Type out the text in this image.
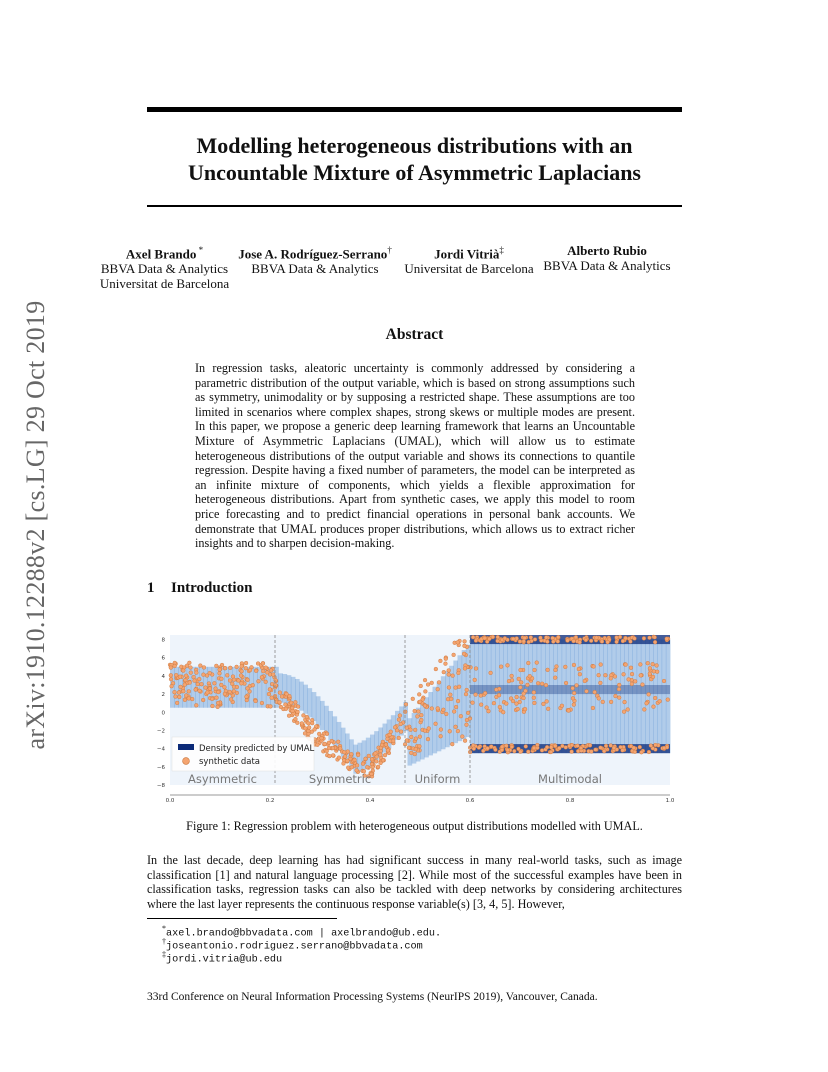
arXiv:1910.12288v2 [cs.LG] 29 Oct 2019
Modelling heterogeneous distributions with an
Uncountable Mixture of Asymmetric Laplacians
Axel Brando *
BBVA Data & Analytics
Universitat de Barcelona
Jose A. Rodríguez-Serrano†
BBVA Data & Analytics
Jordi Vitrià‡
Universitat de Barcelona
Alberto Rubio
BBVA Data & Analytics
Abstract
In regression tasks, aleatoric uncertainty is commonly addressed by considering a parametric distribution of the output variable, which is based on strong assumptions such as symmetry, unimodality or by supposing a restricted shape. These assumptions are too limited in scenarios where complex shapes, strong skews or multiple modes are present. In this paper, we propose a generic deep learning framework that learns an Uncountable Mixture of Asymmetric Laplacians (UMAL), which will allow us to estimate heterogeneous distributions of the output variable and shows its connections to quantile regression. Despite having a fixed number of parameters, the model can be interpreted as an infinite mixture of components, which yields a flexible approximation for heterogeneous distributions. Apart from synthetic cases, we apply this model to room price forecasting and to predict financial operations in personal bank accounts. We demonstrate that UMAL produces proper distributions, which allows us to extract richer insights and to sharpen decision-making.
1 Introduction
Asymmetric	Symmetric	Uniform	Multimodal
8
6
4
2
0
−2
−4
−6
−8
0.0	0.2	0.4	0.6	0.8	1.0
Density predicted by UMAL
synthetic data
Figure 1: Regression problem with heterogeneous output distributions modelled with UMAL.
In the last decade, deep learning has had significant success in many real-world tasks, such as image classification [1] and natural language processing [2]. While most of the successful examples have been in classification tasks, regression tasks can also be tackled with deep networks by considering architectures where the last layer represents the continuous response variable(s) [3, 4, 5]. However,
*axel.brando@bbvadata.com | axelbrando@ub.edu.
†joseantonio.rodriguez.serrano@bbvadata.com
‡jordi.vitria@ub.edu
33rd Conference on Neural Information Processing Systems (NeurIPS 2019), Vancouver, Canada.
